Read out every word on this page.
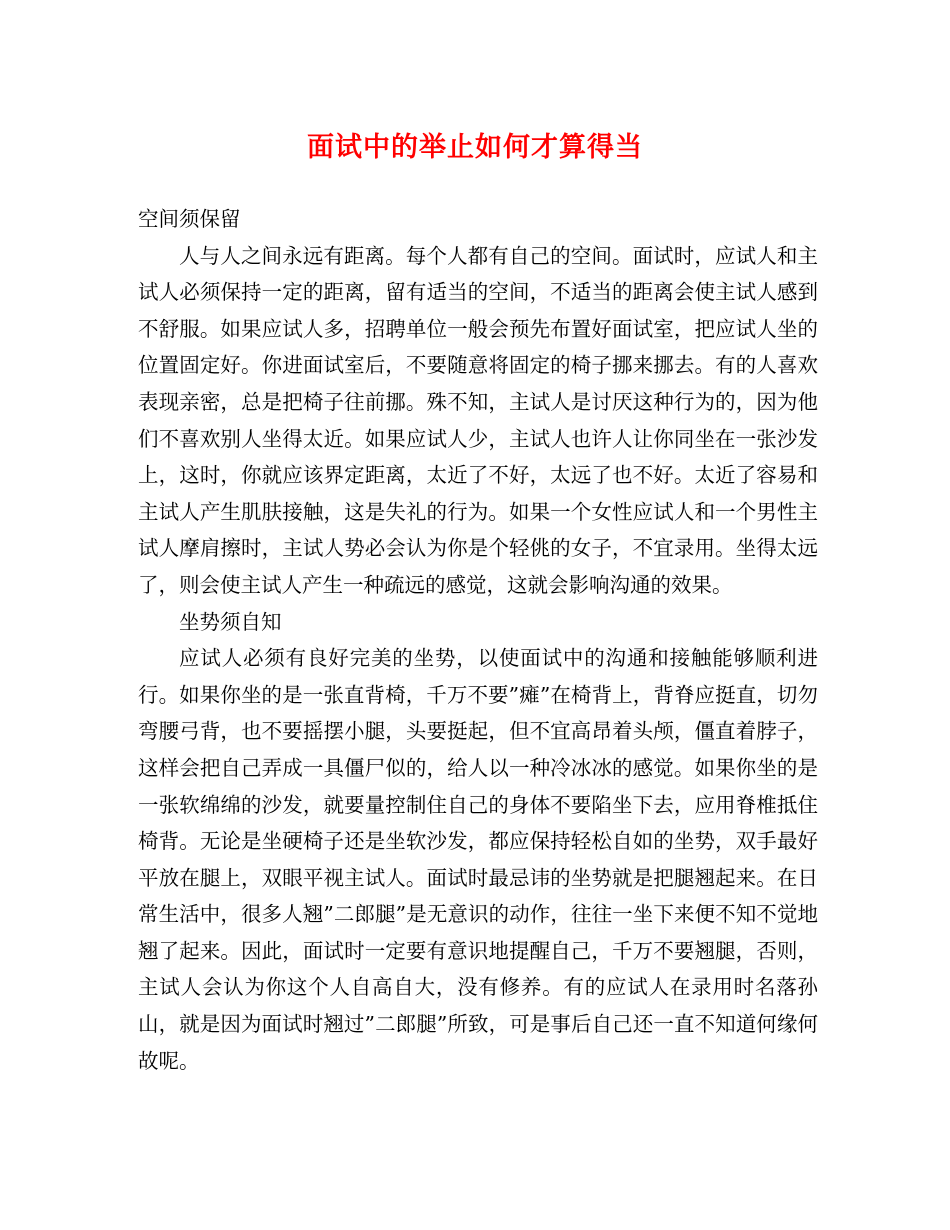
面试中的举止如何才算得当

空间须保留

人与人之间永远有距离。每个人都有自己的空间。面试时，应试人和主试人必须保持一定的距离，留有适当的空间，不适当的距离会使主试人感到不舒服。如果应试人多，招聘单位一般会预先布置好面试室，把应试人坐的位置固定好。你进面试室后，不要随意将固定的椅子挪来挪去。有的人喜欢表现亲密，总是把椅子往前挪。殊不知，主试人是讨厌这种行为的，因为他们不喜欢别人坐得太近。如果应试人少，主试人也许人让你同坐在一张沙发上，这时，你就应该界定距离，太近了不好，太远了也不好。太近了容易和主试人产生肌肤接触，这是失礼的行为。如果一个女性应试人和一个男性主试人摩肩擦时，主试人势必会认为你是个轻佻的女子，不宜录用。坐得太远了，则会使主试人产生一种疏远的感觉，这就会影响沟通的效果。

坐势须自知

应试人必须有良好完美的坐势，以使面试中的沟通和接触能够顺利进行。如果你坐的是一张直背椅，千万不要”瘫”在椅背上，背脊应挺直，切勿弯腰弓背，也不要摇摆小腿，头要挺起，但不宜高昂着头颅，僵直着脖子，这样会把自己弄成一具僵尸似的，给人以一种冷冰冰的感觉。如果你坐的是一张软绵绵的沙发，就要量控制住自己的身体不要陷坐下去，应用脊椎抵住椅背。无论是坐硬椅子还是坐软沙发，都应保持轻松自如的坐势，双手最好平放在腿上，双眼平视主试人。面试时最忌讳的坐势就是把腿翘起来。在日常生活中，很多人翘”二郎腿”是无意识的动作，往往一坐下来便不知不觉地翘了起来。因此，面试时一定要有意识地提醒自己，千万不要翘腿，否则，主试人会认为你这个人自高自大，没有修养。有的应试人在录用时名落孙山，就是因为面试时翘过”二郎腿”所致，可是事后自己还一直不知道何缘何故呢。
